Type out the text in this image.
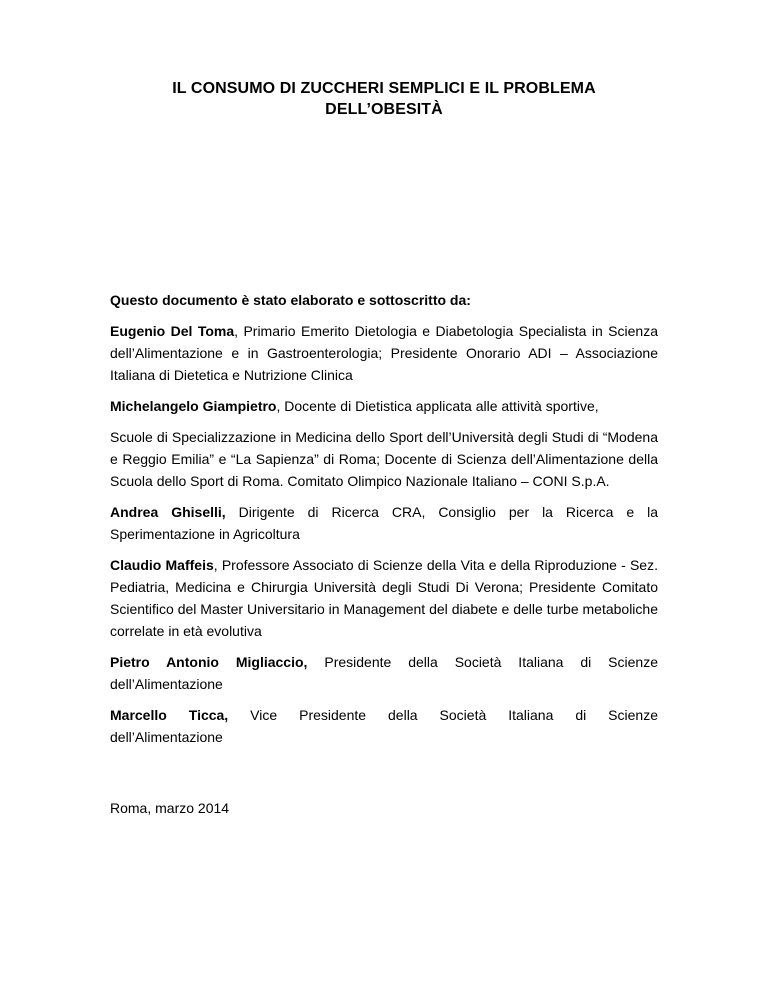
IL CONSUMO DI ZUCCHERI SEMPLICI E IL PROBLEMA
DELL’OBESITÀ

Questo documento è stato elaborato e sottoscritto da:

Eugenio Del Toma, Primario Emerito Dietologia e Diabetologia Specialista in Scienza dell’Alimentazione e in Gastroenterologia; Presidente Onorario ADI – Associazione Italiana di Dietetica e Nutrizione Clinica

Michelangelo Giampietro, Docente di Dietistica applicata alle attività sportive,

Scuole di Specializzazione in Medicina dello Sport dell’Università degli Studi di “Modena e Reggio Emilia” e “La Sapienza” di Roma; Docente di Scienza dell’Alimentazione della Scuola dello Sport di Roma. Comitato Olimpico Nazionale Italiano – CONI S.p.A.

Andrea Ghiselli, Dirigente di Ricerca CRA, Consiglio per la Ricerca e la Sperimentazione in Agricoltura

Claudio Maffeis, Professore Associato di Scienze della Vita e della Riproduzione - Sez. Pediatria, Medicina e Chirurgia Università degli Studi Di Verona; Presidente Comitato Scientifico del Master Universitario in Management del diabete e delle turbe metaboliche correlate in età evolutiva

Pietro Antonio Migliaccio, Presidente della Società Italiana di Scienze dell’Alimentazione

Marcello Ticca, Vice Presidente della Società Italiana di Scienze
dell’Alimentazione

Roma, marzo 2014
